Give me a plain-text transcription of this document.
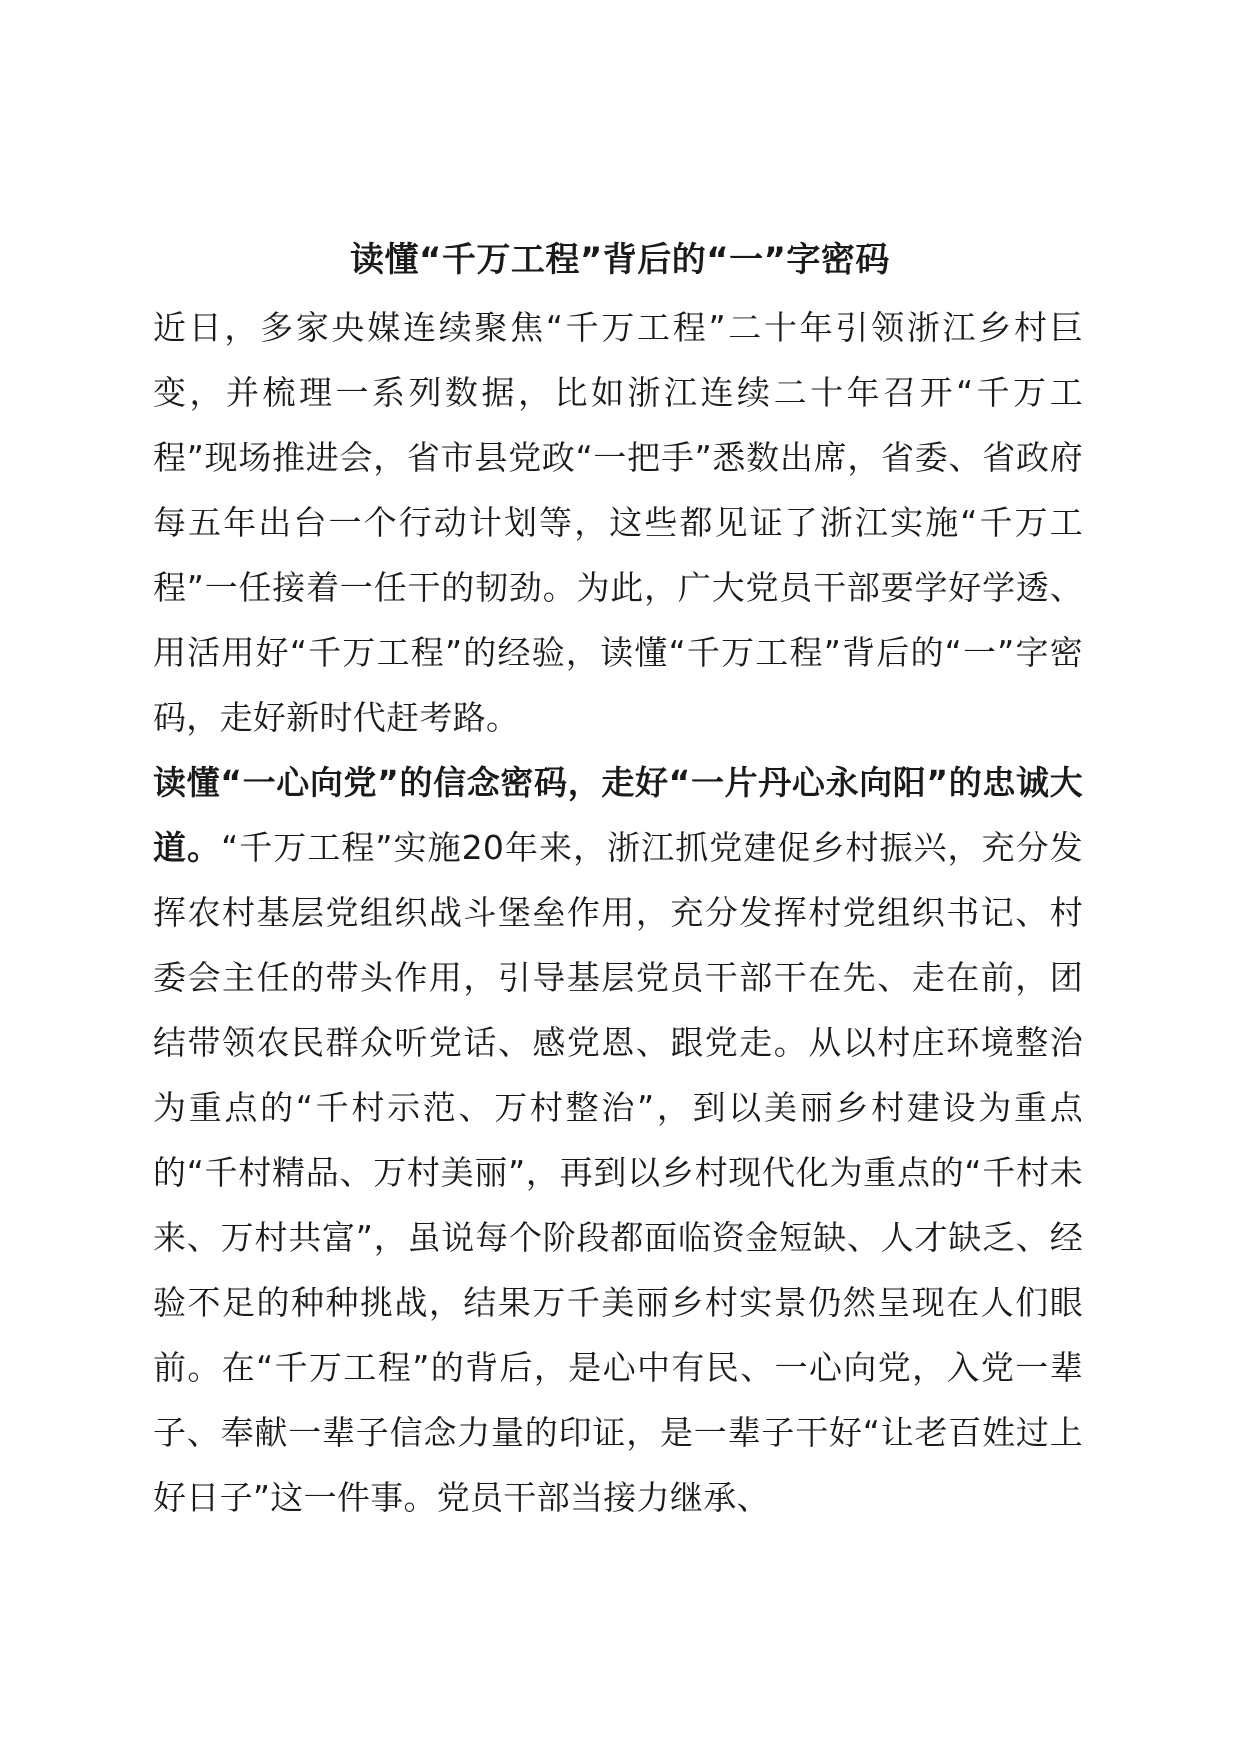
读懂“千万工程”背后的“一”字密码

近日，多家央媒连续聚焦“千万工程”二十年引领浙江乡村巨变，并梳理一系列数据，比如浙江连续二十年召开“千万工程”现场推进会，省市县党政“一把手”悉数出席，省委、省政府每五年出台一个行动计划等，这些都见证了浙江实施“千万工程”一任接着一任干的韧劲。为此，广大党员干部要学好学透、用活用好“千万工程”的经验，读懂“千万工程”背后的“一”字密码，走好新时代赶考路。

读懂“一心向党”的信念密码，走好“一片丹心永向阳”的忠诚大道。“千万工程”实施20年来，浙江抓党建促乡村振兴，充分发挥农村基层党组织战斗堡垒作用，充分发挥村党组织书记、村委会主任的带头作用，引导基层党员干部干在先、走在前，团结带领农民群众听党话、感党恩、跟党走。从以村庄环境整治为重点的“千村示范、万村整治”，到以美丽乡村建设为重点的“千村精品、万村美丽”，再到以乡村现代化为重点的“千村未来、万村共富”，虽说每个阶段都面临资金短缺、人才缺乏、经验不足的种种挑战，结果万千美丽乡村实景仍然呈现在人们眼前。在“千万工程”的背后，是心中有民、一心向党，入党一辈子、奉献一辈子信念力量的印证，是一辈子干好“让老百姓过上好日子”这一件事。党员干部当接力继承、
